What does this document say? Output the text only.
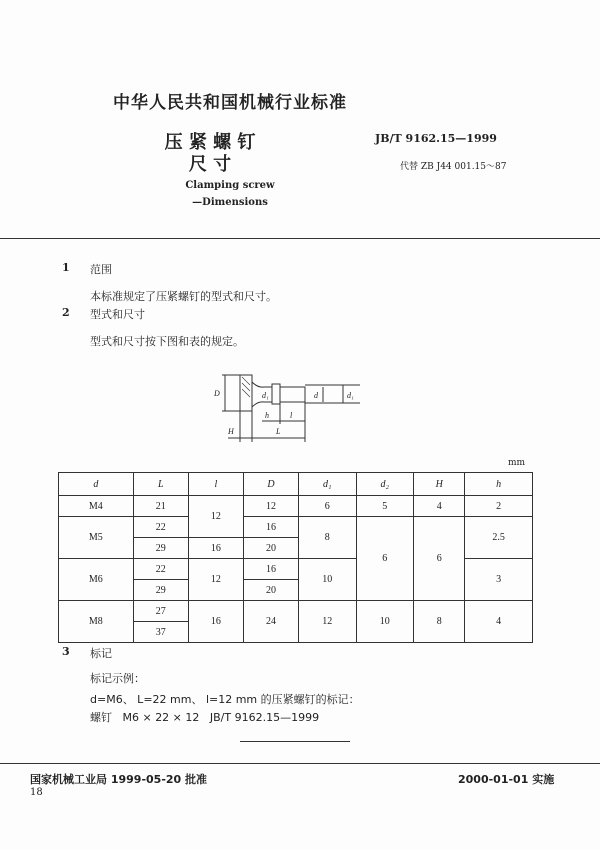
中华人民共和国机械行业标准
压 紧 螺 钉
尺 寸
Clamping screw
—Dimensions
JB/T 9162.15—1999
代替 ZB J44 001.15～87
1 范围
本标准规定了压紧螺钉的型式和尺寸。
2 型式和尺寸
型式和尺寸按下图和表的规定。
D	d₁	d	d₁
h	l
H	L
mm
d	L	l	D	d₁	d₂	H	h
M4	21	12	12	6	5	4	2
M5	22		16	8	6	6	2.5
	29	16	20				
M6	22	12	16	10			3
	29		20				
M8	27	16	24	12	10	8	4
	37						
3 标记
标记示例：
d=M6、 L=22 mm、 l=12 mm 的压紧螺钉的标记：
螺钉   M6 × 22 × 12   JB/T 9162.15—1999
国家机械工业局 1999-05-20 批准	2000-01-01 实施
18
